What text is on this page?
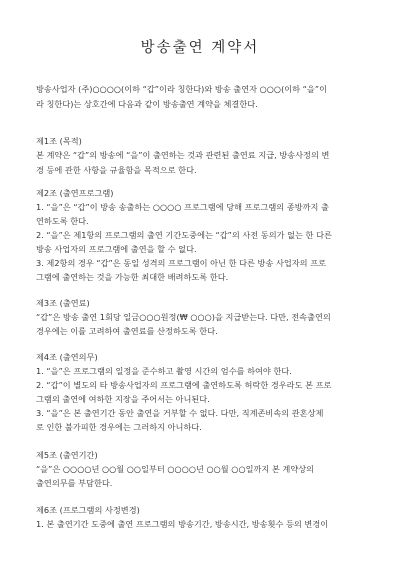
방송출연 계약서
방송사업자 (주)○○○○(이하 “갑”이라 칭한다)와 방송 출연자 ○○○(이하 “을”이
라 칭한다)는 상호간에 다음과 같이 방송출연 계약을 체결한다.
제1조 (목적)
본 계약은 “갑”의 방송에 “을”이 출연하는 것과 관련된 출연료 지급, 방송사정의 변
경 등에 관한 사항을 규율함을 목적으로 한다.
제2조 (출연프로그램)
1. “을”은 “갑”이 방송 송출하는 ○○○○ 프로그램에 당해 프로그램의 종방까지 출
연하도록 한다.
2. “을”은 제1항의 프로그램의 출연 기간도중에는 “갑”의 사전 동의가 없는 한 다른
방송 사업자의 프로그램에 출연을 할 수 없다.
3. 제2항의 경우 “갑”은 동일 성격의 프로그램이 아닌 한 다른 방송 사업자의 프로
그램에 출연하는 것을 가능한 최대한 배려하도록 한다.
제3조 (출연료)
“갑”은 방송 출연 1회당 일금○○○원정(₩ ○○○)을 지급받는다. 다만, 전속출연의
경우에는 이를 고려하여 출연료를 산정하도록 한다.
제4조 (출연의무)
1. “을”은 프로그램의 일정을 준수하고 촬영 시간의 엄수를 하여야 한다.
2. “갑”이 별도의 타 방송사업자의 프로그램에 출연하도록 허락한 경우라도 본 프로
그램의 출연에 여하한 지장을 주어서는 아니된다.
3. “을”은 본 출연기간 동안 출연을 거부할 수 없다. 다만, 직계존비속의 관혼상제
로 인한 불가피한 경우에는 그러하지 아니하다.
제5조 (출연기간)
“을”은 ○○○○년 ○○월 ○○일부터 ○○○○년 ○○월 ○○일까지 본 계약상의
출연의무를 부담한다.
제6조 (프로그램의 사정변경)
1. 본 출연기간 도중에 출연 프로그램의 방송기간, 방송시간, 방송횟수 등의 변경이
